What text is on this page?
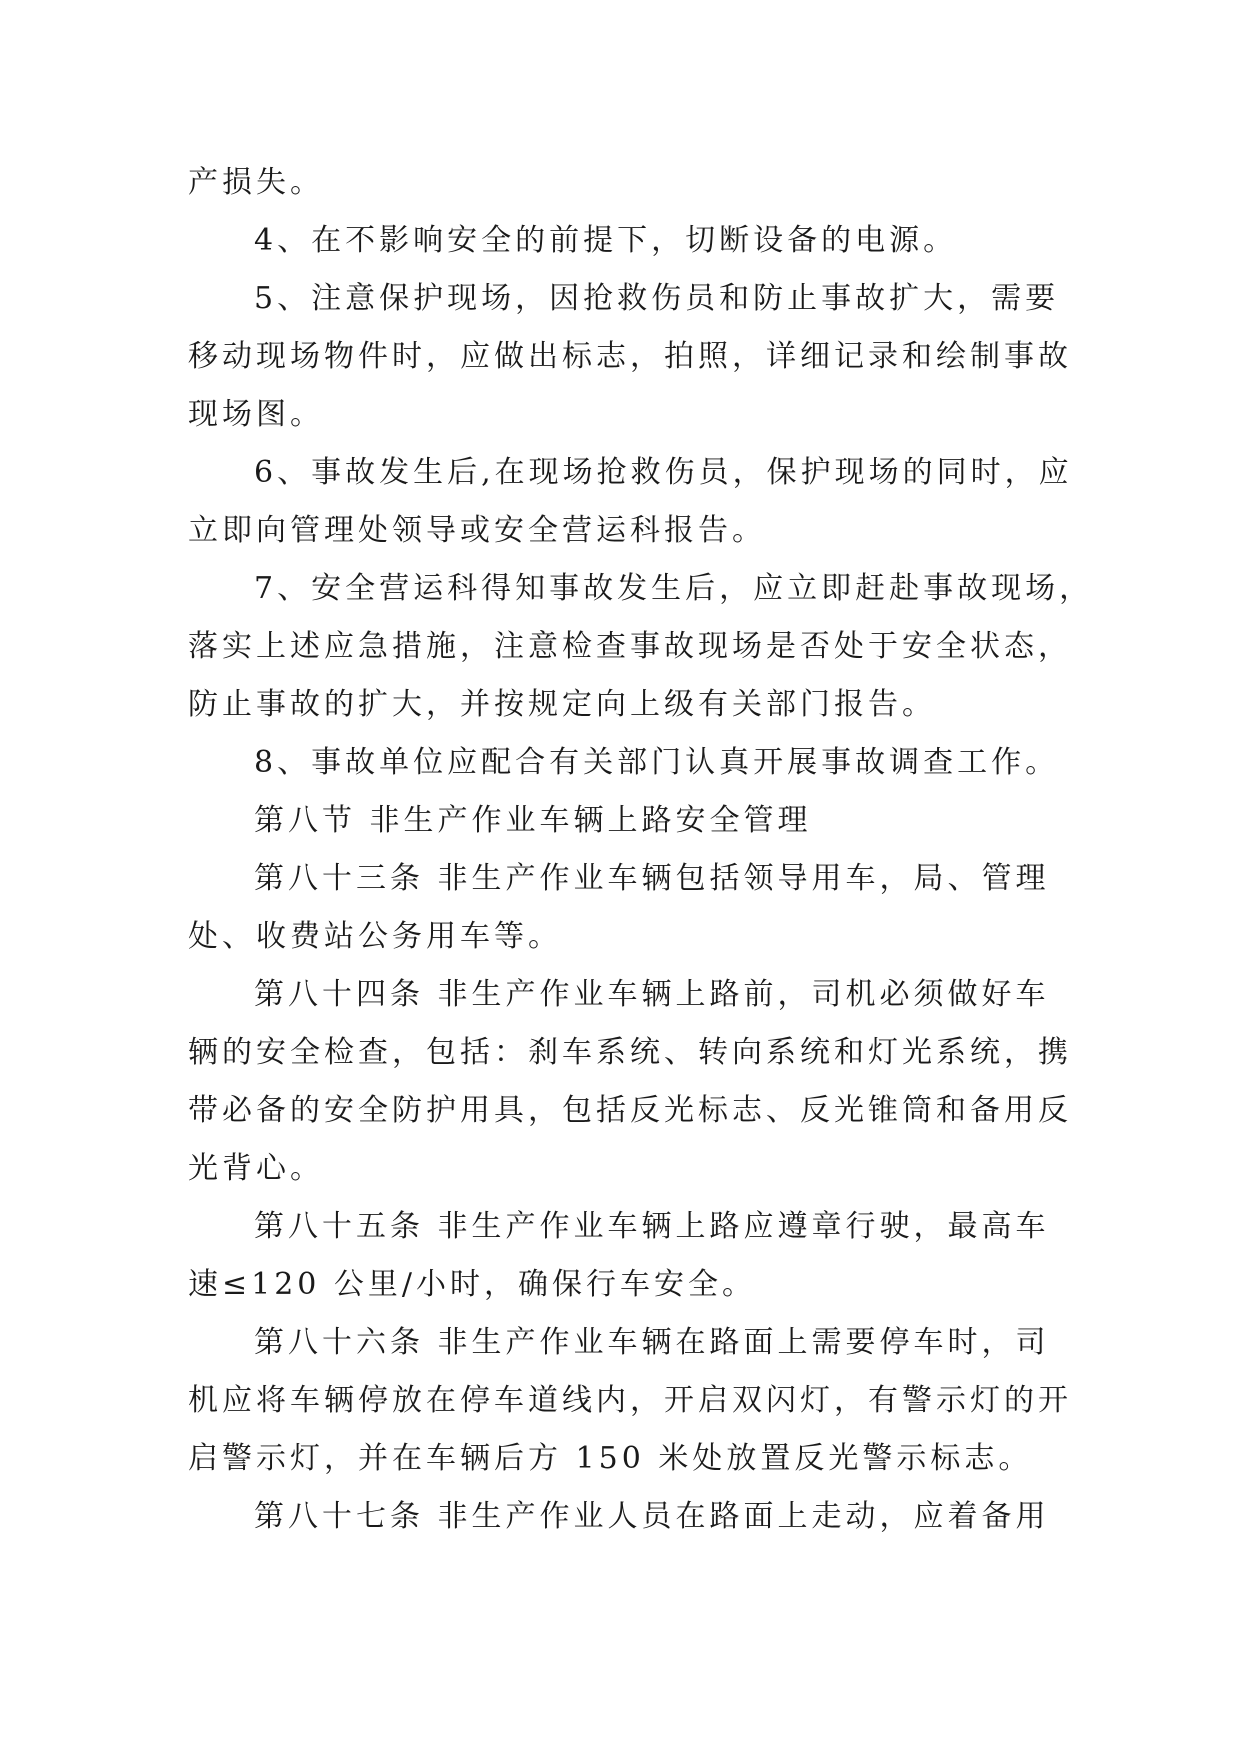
产损失。
4、在不影响安全的前提下，切断设备的电源。
5、注意保护现场，因抢救伤员和防止事故扩大，需要
移动现场物件时，应做出标志，拍照，详细记录和绘制事故
现场图。
6、事故发生后,在现场抢救伤员，保护现场的同时，应
立即向管理处领导或安全营运科报告。
7、安全营运科得知事故发生后，应立即赶赴事故现场，
落实上述应急措施，注意检查事故现场是否处于安全状态，
防止事故的扩大，并按规定向上级有关部门报告。
8、事故单位应配合有关部门认真开展事故调查工作。
第八节 非生产作业车辆上路安全管理
第八十三条 非生产作业车辆包括领导用车，局、管理
处、收费站公务用车等。
第八十四条 非生产作业车辆上路前，司机必须做好车
辆的安全检查，包括：刹车系统、转向系统和灯光系统，携
带必备的安全防护用具，包括反光标志、反光锥筒和备用反
光背心。
第八十五条 非生产作业车辆上路应遵章行驶，最高车
速≤120 公里/小时，确保行车安全。
第八十六条 非生产作业车辆在路面上需要停车时，司
机应将车辆停放在停车道线内，开启双闪灯，有警示灯的开
启警示灯，并在车辆后方 150 米处放置反光警示标志。
第八十七条 非生产作业人员在路面上走动，应着备用
